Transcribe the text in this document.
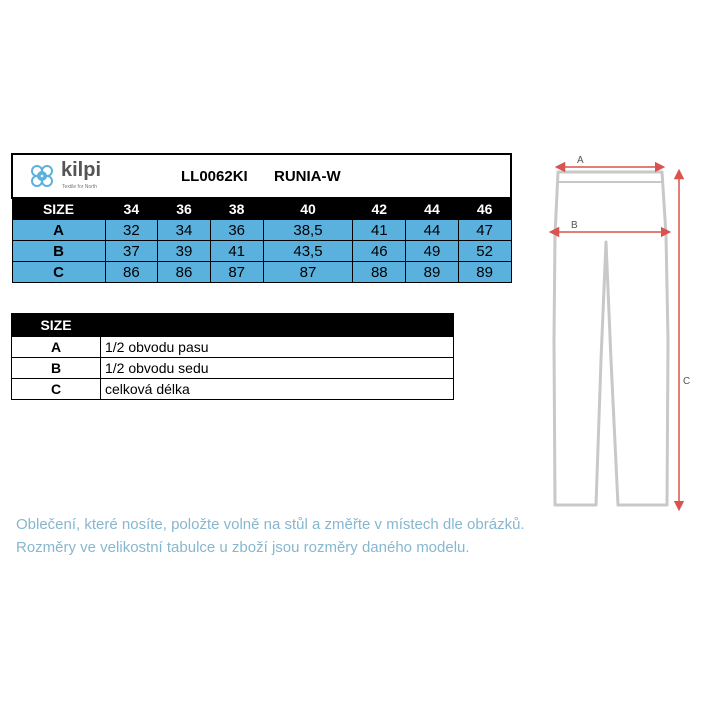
kilpi
Textile for North
LL0062KI RUNIA-W							

SIZE	34	36	38	40	42	44	46
A	32	34	36	38,5	41	44	47
B	37	39	41	43,5	46	49	52
C	86	86	87	87	88	89	89
SIZE	
A	1/2 obvodu pasu
B	1/2 obvodu sedu
C	celková délka
A
B
C
Oblečení, které nosíte, položte volně na stůl a změřte v místech dle obrázků.
Rozměry ve velikostní tabulce u zboží jsou rozměry daného modelu.
